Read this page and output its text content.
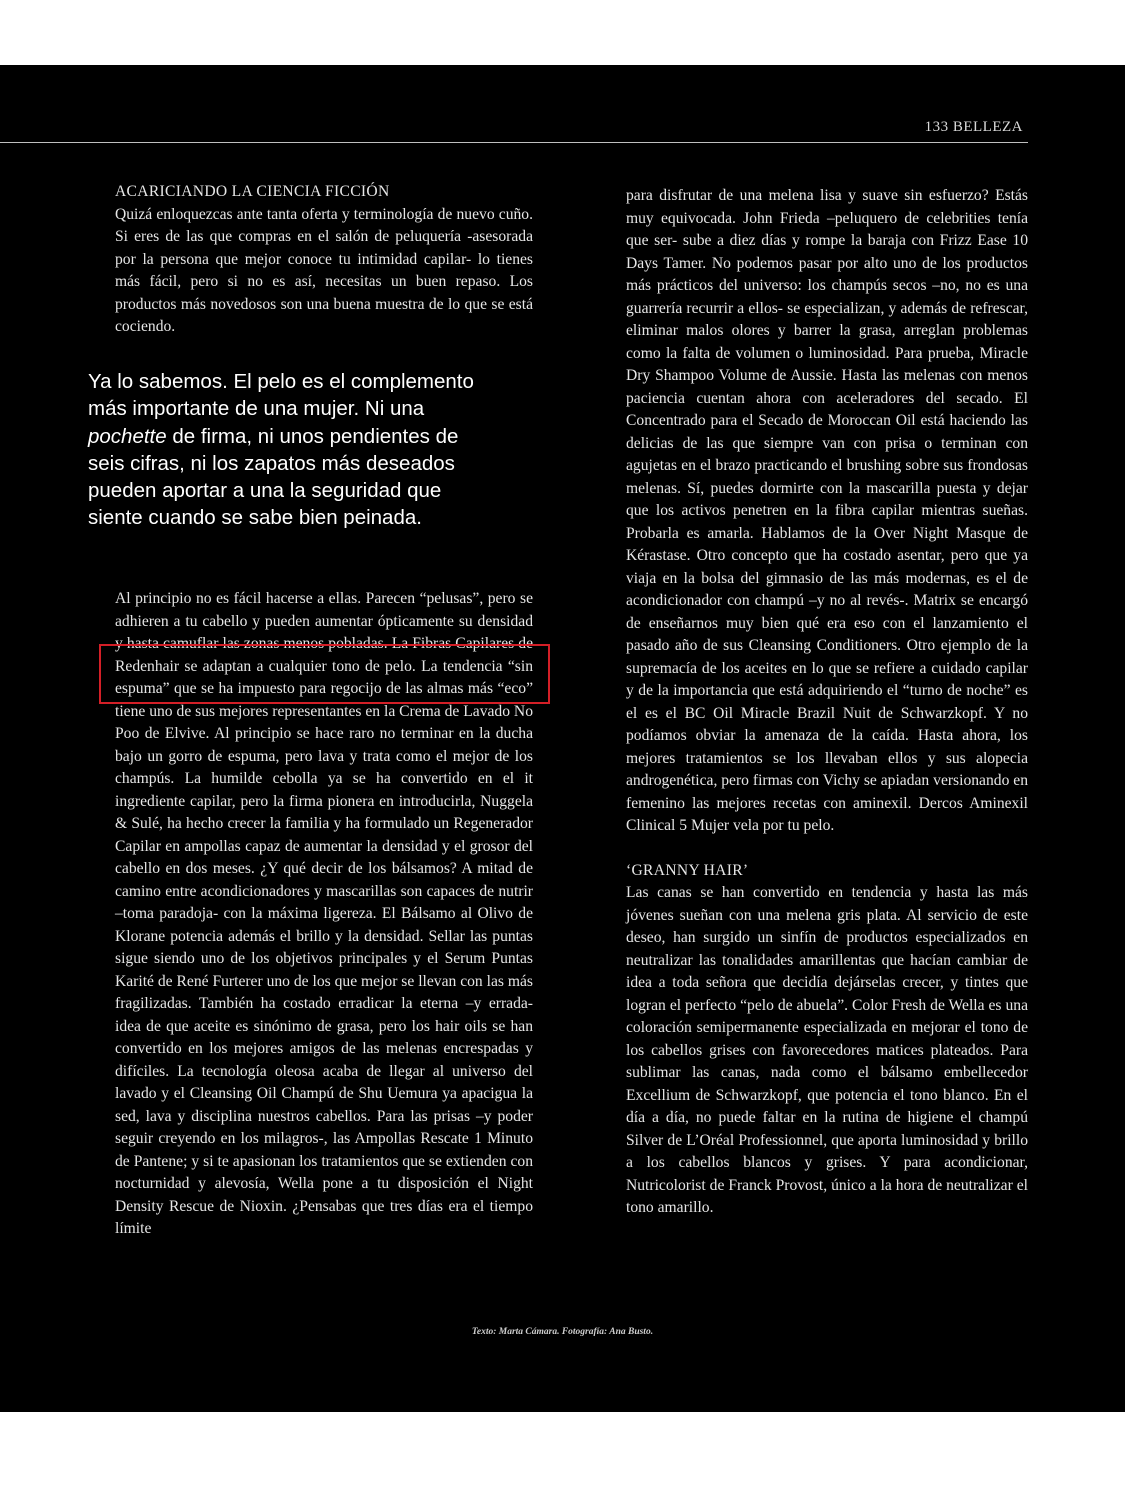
133 BELLEZA
ACARICIANDO LA CIENCIA FICCIÓN

Quizá enloquezcas ante tanta oferta y terminología de nuevo cuño. Si eres de las que compras en el salón de peluquería -asesorada por la persona que mejor conoce tu intimidad capilar- lo tienes más fácil, pero si no es así, necesitas un buen repaso. Los productos más novedosos son una buena muestra de lo que se está cociendo.

Ya lo sabemos. El pelo es el complemento más importante de una mujer. Ni una pochette de firma, ni unos pendientes de seis cifras, ni los zapatos más deseados pueden aportar a una la seguridad que siente cuando se sabe bien peinada.

Al principio no es fácil hacerse a ellas. Parecen “pelusas”, pero se adhieren a tu cabello y pueden aumentar ópticamente su densidad y hasta camuflar las zonas menos pobladas. La Fibras Capilares de Redenhair se adaptan a cualquier tono de pelo. La tendencia “sin espuma” que se ha impuesto para regocijo de las almas más “eco” tiene uno de sus mejores representantes en la Crema de Lavado No Poo de Elvive. Al principio se hace raro no terminar en la ducha bajo un gorro de espuma, pero lava y trata como el mejor de los champús. La humilde cebolla ya se ha convertido en el it ingrediente capilar, pero la firma pionera en introducirla, Nuggela & Sulé, ha hecho crecer la familia y ha formulado un Regenerador Capilar en ampollas capaz de aumentar la densidad y el grosor del cabello en dos meses. ¿Y qué decir de los bálsamos? A mitad de camino entre acondicionadores y mascarillas son capaces de nutrir –toma paradoja- con la máxima ligereza. El Bálsamo al Olivo de Klorane potencia además el brillo y la densidad. Sellar las puntas sigue siendo uno de los objetivos principales y el Serum Puntas Karité de René Furterer uno de los que mejor se llevan con las más fragilizadas. También ha costado erradicar la eterna –y errada- idea de que aceite es sinónimo de grasa, pero los hair oils se han convertido en los mejores amigos de las melenas encrespadas y difíciles. La tecnología oleosa acaba de llegar al universo del lavado y el Cleansing Oil Champú de Shu Uemura ya apacigua la sed, lava y disciplina nuestros cabellos. Para las prisas –y poder seguir creyendo en los milagros-, las Ampollas Rescate 1 Minuto de Pantene; y si te apasionan los tratamientos que se extienden con nocturnidad y alevosía, Wella pone a tu disposición el Night Density Rescue de Nioxin. ¿Pensabas que tres días era el tiempo límite

para disfrutar de una melena lisa y suave sin esfuerzo? Estás muy equivocada. John Frieda –peluquero de celebrities tenía que ser- sube a diez días y rompe la baraja con Frizz Ease 10 Days Tamer. No podemos pasar por alto uno de los productos más prácticos del universo: los champús secos –no, no es una guarrería recurrir a ellos- se especializan, y además de refrescar, eliminar malos olores y barrer la grasa, arreglan problemas como la falta de volumen o luminosidad. Para prueba, Miracle Dry Shampoo Volume de Aussie. Hasta las melenas con menos paciencia cuentan ahora con aceleradores del secado. El Concentrado para el Secado de Moroccan Oil está haciendo las delicias de las que siempre van con prisa o terminan con agujetas en el brazo practicando el brushing sobre sus frondosas melenas. Sí, puedes dormirte con la mascarilla puesta y dejar que los activos penetren en la fibra capilar mientras sueñas. Probarla es amarla. Hablamos de la Over Night Masque de Kérastase. Otro concepto que ha costado asentar, pero que ya viaja en la bolsa del gimnasio de las más modernas, es el de acondicionador con champú –y no al revés-. Matrix se encargó de enseñarnos muy bien qué era eso con el lanzamiento el pasado año de sus Cleansing Conditioners. Otro ejemplo de la supremacía de los aceites en lo que se refiere a cuidado capilar y de la importancia que está adquiriendo el “turno de noche” es el es el BC Oil Miracle Brazil Nuit de Schwarzkopf. Y no podíamos obviar la amenaza de la caída. Hasta ahora, los mejores tratamientos se los llevaban ellos y sus alopecia androgenética, pero firmas con Vichy se apiadan versionando en femenino las mejores recetas con aminexil. Dercos Aminexil Clinical 5 Mujer vela por tu pelo.

‘GRANNY HAIR’

Las canas se han convertido en tendencia y hasta las más jóvenes sueñan con una melena gris plata. Al servicio de este deseo, han surgido un sinfín de productos especializados en neutralizar las tonalidades amarillentas que hacían cambiar de idea a toda señora que decidía dejárselas crecer, y tintes que logran el perfecto “pelo de abuela”. Color Fresh de Wella es una coloración semipermanente especializada en mejorar el tono de los cabellos grises con favorecedores matices plateados. Para sublimar las canas, nada como el bálsamo embellecedor Excellium de Schwarzkopf, que potencia el tono blanco. En el día a día, no puede faltar en la rutina de higiene el champú Silver de L’Oréal Professionnel, que aporta luminosidad y brillo a los cabellos blancos y grises. Y para acondicionar, Nutricolorist de Franck Provost, único a la hora de neutralizar el tono amarillo.

Texto: Marta Cámara. Fotografía: Ana Busto.
